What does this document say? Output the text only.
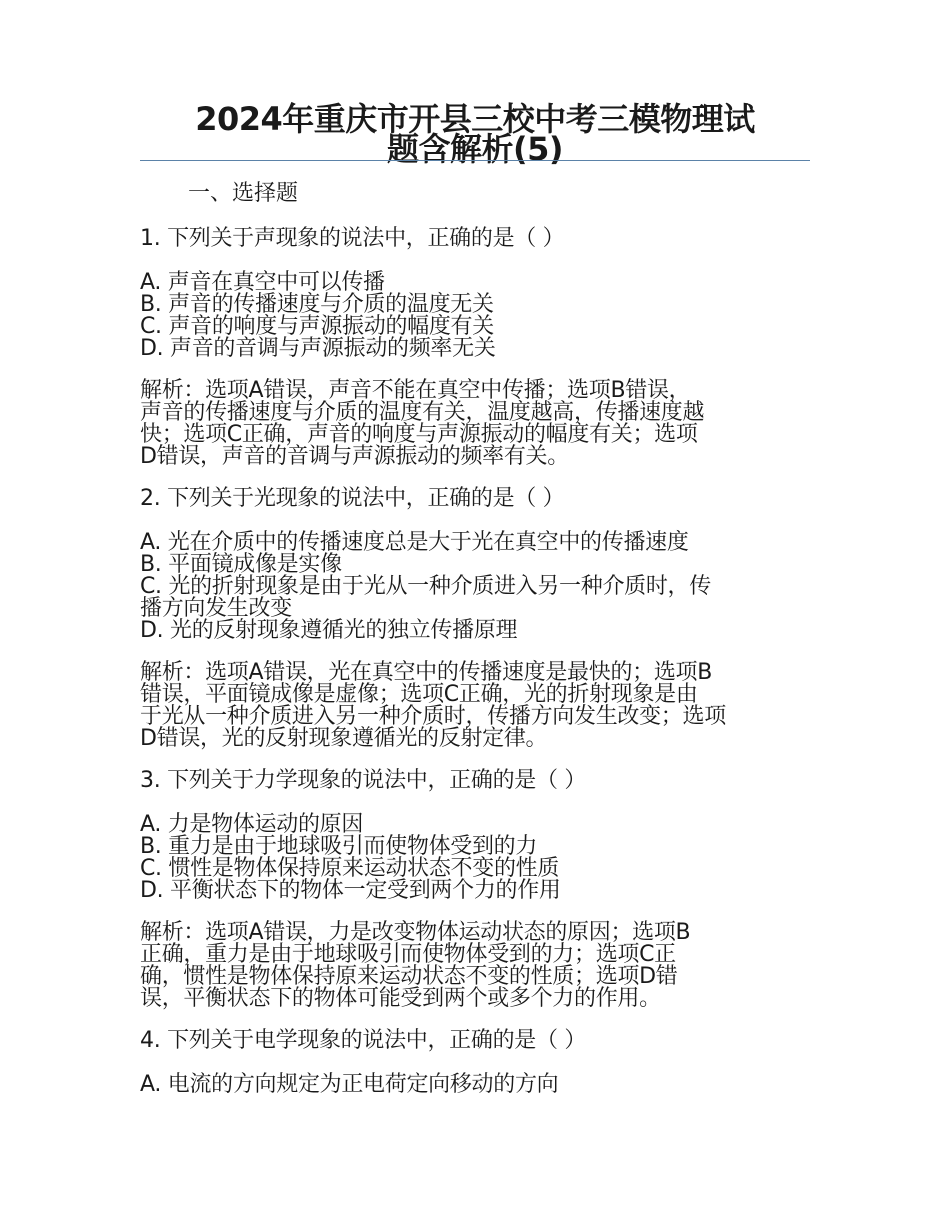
2024年重庆市开县三校中考三模物理试
题含解析(5)
一、选择题
1. 下列关于声现象的说法中，正确的是（ ）
A. 声音在真空中可以传播
B. 声音的传播速度与介质的温度无关
C. 声音的响度与声源振动的幅度有关
D. 声音的音调与声源振动的频率无关
解析：选项A错误，声音不能在真空中传播；选项B错误，
声音的传播速度与介质的温度有关，温度越高，传播速度越
快；选项C正确，声音的响度与声源振动的幅度有关；选项
D错误，声音的音调与声源振动的频率有关。
2. 下列关于光现象的说法中，正确的是（ ）
A. 光在介质中的传播速度总是大于光在真空中的传播速度
B. 平面镜成像是实像
C. 光的折射现象是由于光从一种介质进入另一种介质时，传
播方向发生改变
D. 光的反射现象遵循光的独立传播原理
解析：选项A错误，光在真空中的传播速度是最快的；选项B
错误，平面镜成像是虚像；选项C正确，光的折射现象是由
于光从一种介质进入另一种介质时，传播方向发生改变；选项
D错误，光的反射现象遵循光的反射定律。
3. 下列关于力学现象的说法中，正确的是（ ）
A. 力是物体运动的原因
B. 重力是由于地球吸引而使物体受到的力
C. 惯性是物体保持原来运动状态不变的性质
D. 平衡状态下的物体一定受到两个力的作用
解析：选项A错误，力是改变物体运动状态的原因；选项B
正确，重力是由于地球吸引而使物体受到的力；选项C正
确，惯性是物体保持原来运动状态不变的性质；选项D错
误，平衡状态下的物体可能受到两个或多个力的作用。
4. 下列关于电学现象的说法中，正确的是（ ）
A. 电流的方向规定为正电荷定向移动的方向
